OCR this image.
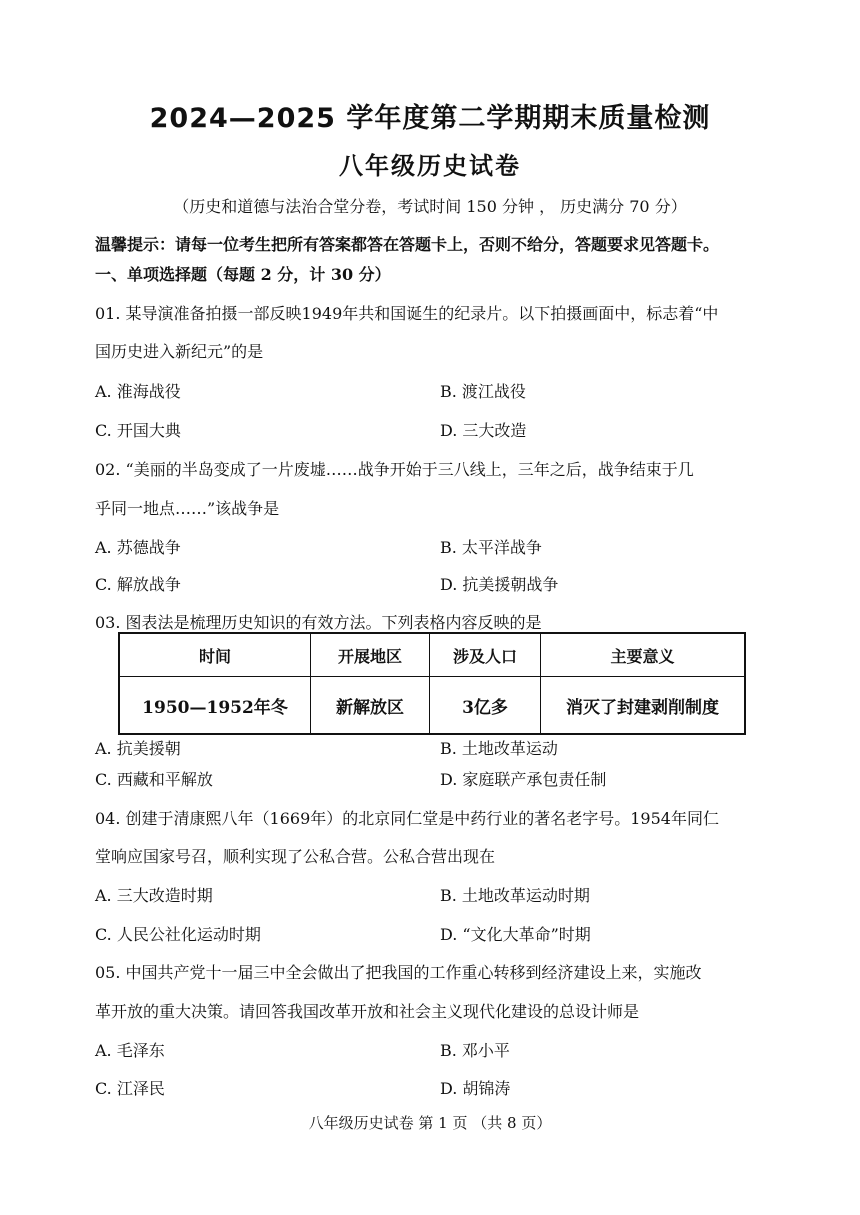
2024—2025 学年度第二学期期末质量检测
八年级历史试卷
（历史和道德与法治合堂分卷，考试时间 150 分钟 ， 历史满分 70 分）
温馨提示：请每一位考生把所有答案都答在答题卡上，否则不给分，答题要求见答题卡。
一、单项选择题（每题 2 分，计 30 分）
01. 某导演准备拍摄一部反映1949年共和国诞生的纪录片。以下拍摄画面中，标志着“中
国历史进入新纪元”的是
A. 淮海战役	B. 渡江战役
C. 开国大典	D. 三大改造
02. “美丽的半岛变成了一片废墟……战争开始于三八线上，三年之后，战争结束于几
乎同一地点……”该战争是
A. 苏德战争	B. 太平洋战争
C. 解放战争	D. 抗美援朝战争
03. 图表法是梳理历史知识的有效方法。下列表格内容反映的是
时间	开展地区	涉及人口	主要意义
1950—1952年冬	新解放区	3亿多	消灭了封建剥削制度
A. 抗美援朝	B. 土地改革运动
C. 西藏和平解放	D. 家庭联产承包责任制
04. 创建于清康熙八年（1669年）的北京同仁堂是中药行业的著名老字号。1954年同仁
堂响应国家号召，顺利实现了公私合营。公私合营出现在
A. 三大改造时期	B. 土地改革运动时期
C. 人民公社化运动时期	D. “文化大革命”时期
05. 中国共产党十一届三中全会做出了把我国的工作重心转移到经济建设上来，实施改
革开放的重大决策。请回答我国改革开放和社会主义现代化建设的总设计师是
A. 毛泽东	B. 邓小平
C. 江泽民	D. 胡锦涛
八年级历史试卷 第 1 页 （共 8 页）
